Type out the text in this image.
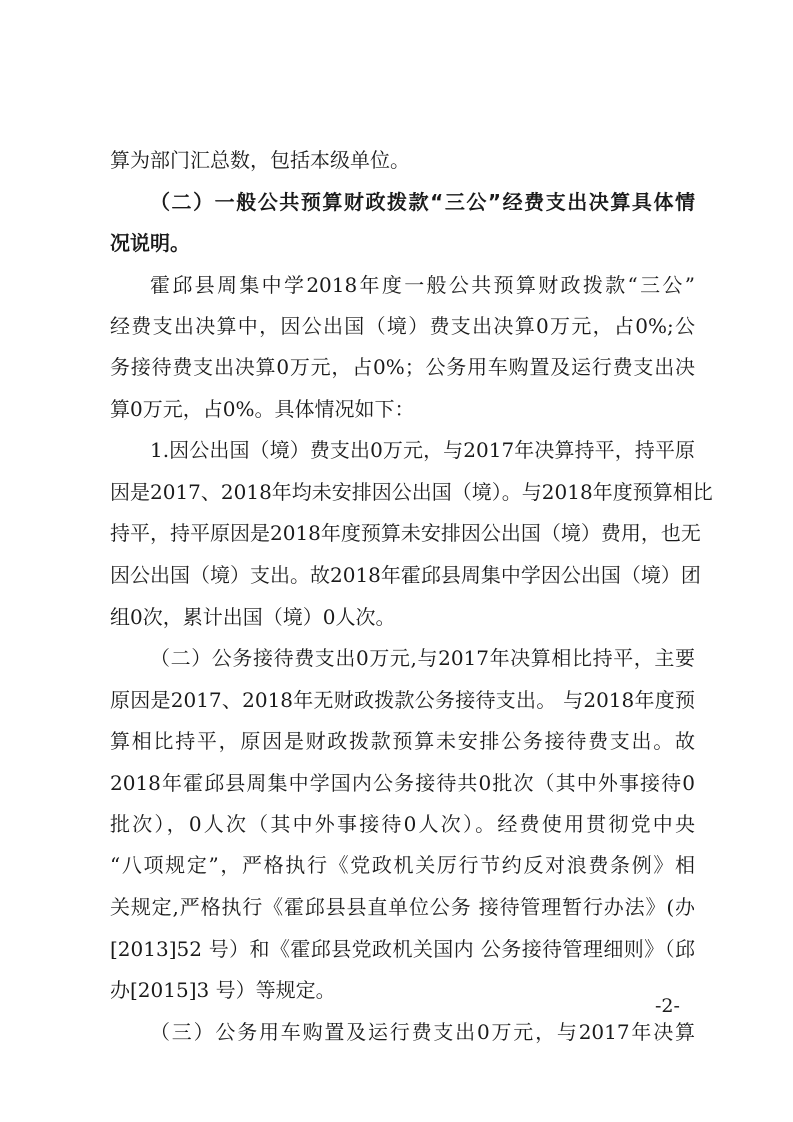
算为部门汇总数，包括本级单位。
（二）一般公共预算财政拨款“三公”经费支出决算具体情
况说明。
霍邱县周集中学2018年度一般公共预算财政拨款“三公”
经费支出决算中，因公出国（境）费支出决算0万元，占0%;公
务接待费支出决算0万元，占0%；公务用车购置及运行费支出决
算0万元，占0%。具体情况如下：
1.因公出国（境）费支出0万元，与2017年决算持平，持平原
因是2017、2018年均未安排因公出国（境）。与2018年度预算相比
持平，持平原因是2018年度预算未安排因公出国（境）费用，也无
因公出国（境）支出。故2018年霍邱县周集中学因公出国（境）团
组0次，累计出国（境）0人次。
（二）公务接待费支出0万元,与2017年决算相比持平，主要
原因是2017、2018年无财政拨款公务接待支出。 与2018年度预
算相比持平，原因是财政拨款预算未安排公务接待费支出。故
2018年霍邱县周集中学国内公务接待共0批次（其中外事接待0
批次），0人次（其中外事接待0人次）。经费使用贯彻党中央
“八项规定”，严格执行《党政机关厉行节约反对浪费条例》相
关规定,严格执行《霍邱县县直单位公务 接待管理暂行办法》(办
[2013]52 号）和《霍邱县党政机关国内 公务接待管理细则》（邱
办[2015]3 号）等规定。
（三）公务用车购置及运行费支出0万元，与2017年决算
-2-
